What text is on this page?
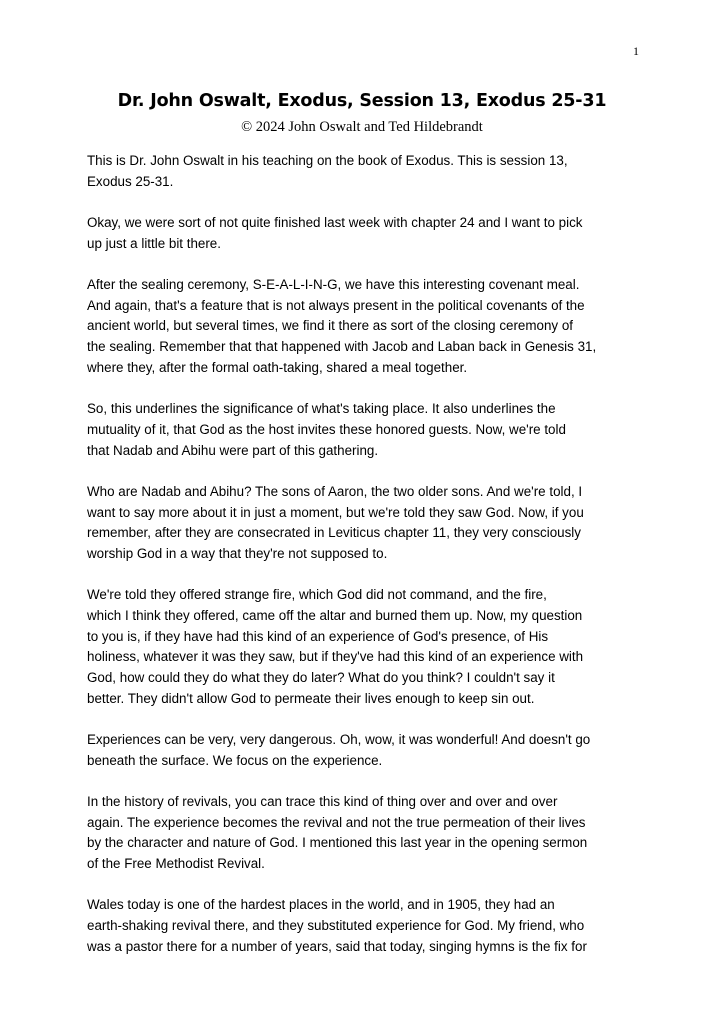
1
Dr. John Oswalt, Exodus, Session 13, Exodus 25-31
© 2024 John Oswalt and Ted Hildebrandt

This is Dr. John Oswalt in his teaching on the book of Exodus. This is session 13,
Exodus 25-31.

Okay, we were sort of not quite finished last week with chapter 24 and I want to pick
up just a little bit there.

After the sealing ceremony, S-E-A-L-I-N-G, we have this interesting covenant meal.
And again, that's a feature that is not always present in the political covenants of the
ancient world, but several times, we find it there as sort of the closing ceremony of
the sealing. Remember that that happened with Jacob and Laban back in Genesis 31,
where they, after the formal oath-taking, shared a meal together.

So, this underlines the significance of what's taking place. It also underlines the
mutuality of it, that God as the host invites these honored guests. Now, we're told
that Nadab and Abihu were part of this gathering.

Who are Nadab and Abihu? The sons of Aaron, the two older sons. And we're told, I
want to say more about it in just a moment, but we're told they saw God. Now, if you
remember, after they are consecrated in Leviticus chapter 11, they very consciously
worship God in a way that they're not supposed to.

We're told they offered strange fire, which God did not command, and the fire,
which I think they offered, came off the altar and burned them up. Now, my question
to you is, if they have had this kind of an experience of God's presence, of His
holiness, whatever it was they saw, but if they've had this kind of an experience with
God, how could they do what they do later? What do you think? I couldn't say it
better. They didn't allow God to permeate their lives enough to keep sin out.

Experiences can be very, very dangerous. Oh, wow, it was wonderful! And doesn't go
beneath the surface. We focus on the experience.

In the history of revivals, you can trace this kind of thing over and over and over
again. The experience becomes the revival and not the true permeation of their lives
by the character and nature of God. I mentioned this last year in the opening sermon
of the Free Methodist Revival.

Wales today is one of the hardest places in the world, and in 1905, they had an
earth-shaking revival there, and they substituted experience for God. My friend, who
was a pastor there for a number of years, said that today, singing hymns is the fix for
